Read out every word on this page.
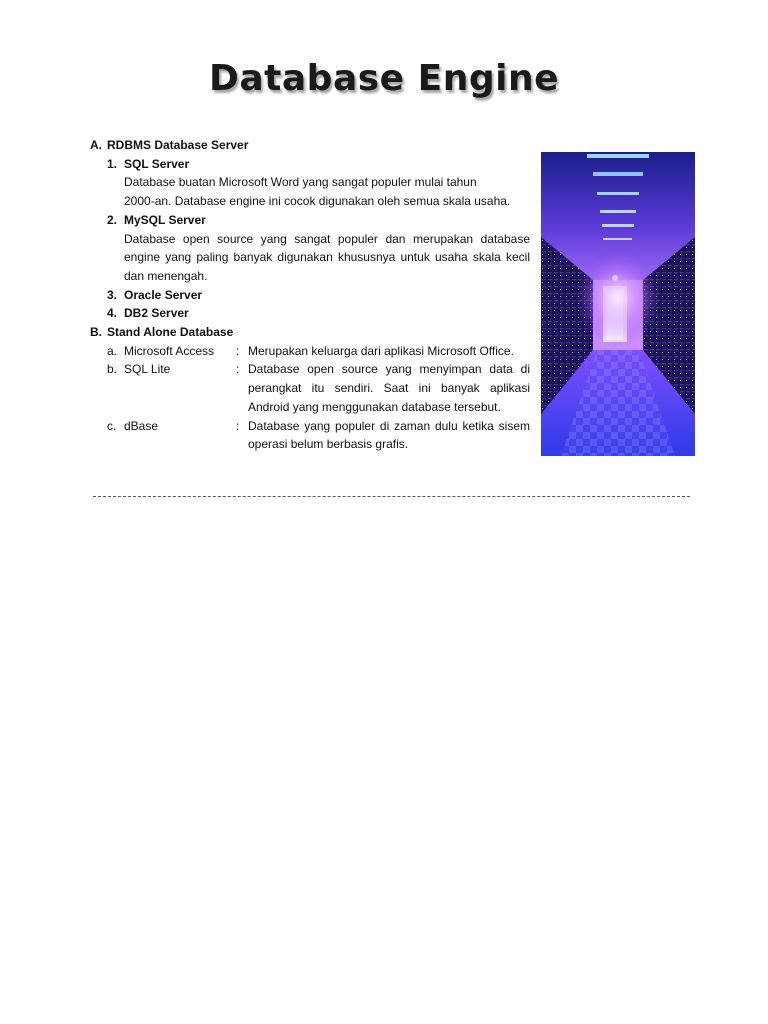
Database Engine
A. RDBMS Database Server
1. SQL Server
Database buatan Microsoft Word yang sangat populer mulai tahun
2000-an. Database engine ini cocok digunakan oleh semua skala usaha.
2. MySQL Server
Database open source yang sangat populer dan merupakan database engine yang paling banyak digunakan khususnya untuk usaha skala kecil dan menengah.
3. Oracle Server
4. DB2 Server
B. Stand Alone Database
a. Microsoft Access	: Merupakan keluarga dari aplikasi Microsoft Office.
b. SQL Lite	: Database open source yang menyimpan data di perangkat itu sendiri. Saat ini banyak aplikasi Android yang menggunakan database tersebut.
c. dBase	: Database yang populer di zaman dulu ketika sisem operasi belum berbasis grafis.
